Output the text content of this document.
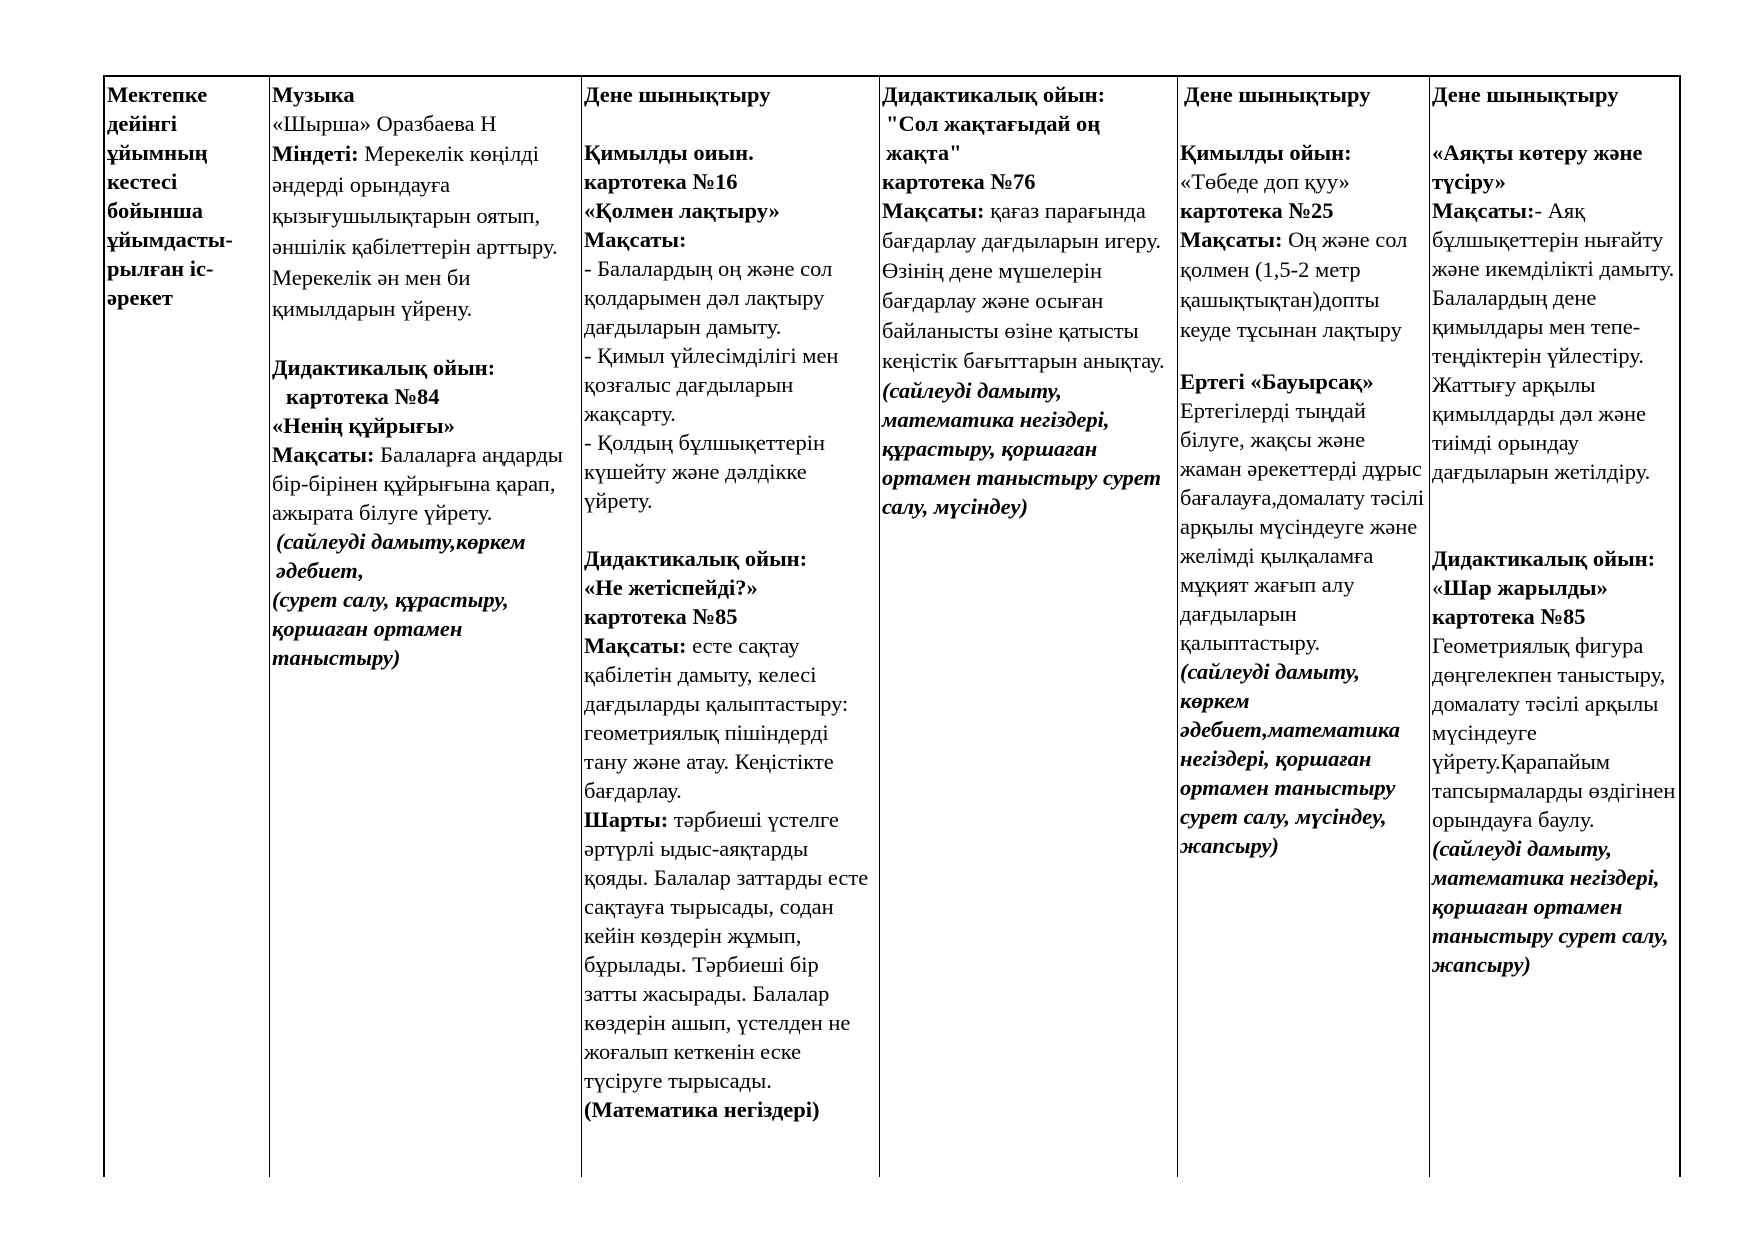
Мектепке дейінгі ұйымның кестесі бойынша ұйымдасты-рылған іс-әрекет

Музыка

«Шырша» Оразбаева Н

Міндеті: Мерекелік көңілді әндерді орындауға қызығушылықтарын оятып, әншілік қабілеттерін арттыру. Мерекелік ән мен би қимылдарын үйрену.

Дидактикалық ойын:

картотека №84

«Ненің құйрығы»

Мақсаты: Балаларға аңдарды бір-бірінен құйрығына қарап, ажырата білуге үйрету.

(сайлеуді дамыту,көркем әдебиет,

(сурет салу, құрастыру, қоршаған ортамен таныстыру)

Дене шынықтыру

Қимылды оиын.

картотека №16

«Қолмен лақтыру»

Мақсаты:

- Балалардың оң және сол қолдарымен дәл лақтыру дағдыларын дамыту.

- Қимыл үйлесімділігі мен қозғалыс дағдыларын жақсарту.

- Қолдың бұлшықеттерін күшейту және дәлдікке үйрету.

Дидактикалық ойын:

«Не жетіспейді?»

картотека №85

Мақсаты: есте сақтау қабілетін дамыту, келесі дағдыларды қалыптастыру: геометриялық пішіндерді тану және атау. Кеңістікте бағдарлау.

Шарты: тәрбиеші үстелге әртүрлі ыдыс-аяқтарды қояды. Балалар заттарды есте сақтауға тырысады, содан кейін көздерін жұмып, бұрылады. Тәрбиеші бір затты жасырады. Балалар көздерін ашып, үстелден не жоғалып кеткенін еске түсіруге тырысады.

(Математика негіздері)

Дидактикалық ойын:

"Сол жақтағыдай оң жақта"

картотека №76

Мақсаты: қағаз парағында бағдарлау дағдыларын игеру. Өзінің дене мүшелерін бағдарлау және осыған байланысты өзіне қатысты кеңістік бағыттарын анықтау.

(сайлеуді дамыту, математика негіздері, құрастыру, қоршаған ортамен таныстыру сурет салу, мүсіндеу)

Дене шынықтыру

Қимылды ойын:

«Төбеде доп қуу»

картотека №25

Мақсаты: Оң және сол қолмен (1,5-2 метр қашықтықтан)допты кеуде тұсынан лақтыру

Ертегі «Бауырсақ»

Ертегілерді тыңдай білуге, жақсы және жаман әрекеттерді дұрыс бағалауға,домалату тәсілі арқылы мүсіндеуге және желімді қылқаламға мұқият жағып алу дағдыларын қалыптастыру.

(сайлеуді дамыту, көркем әдебиет,математика негіздері, қоршаған ортамен таныстыру сурет салу, мүсіндеу, жапсыру)

Дене шынықтыру

«Аяқты көтеру және түсіру»

Мақсаты:- Аяқ бұлшықеттерін нығайту және икемділікті дамыту. Балалардың дене қимылдары мен тепе-теңдіктерін үйлестіру. Жаттығу арқылы қимылдарды дәл және тиімді орындау дағдыларын жетілдіру.

Дидактикалық ойын:

«Шар жарылды»

картотека №85

Геометриялық фигура дөңгелекпен таныстыру, домалату тәсілі арқылы мүсіндеуге үйрету.Қарапайым тапсырмаларды өздігінен орындауға баулу.

(сайлеуді дамыту, математика негіздері, қоршаған ортамен таныстыру сурет салу, жапсыру)
